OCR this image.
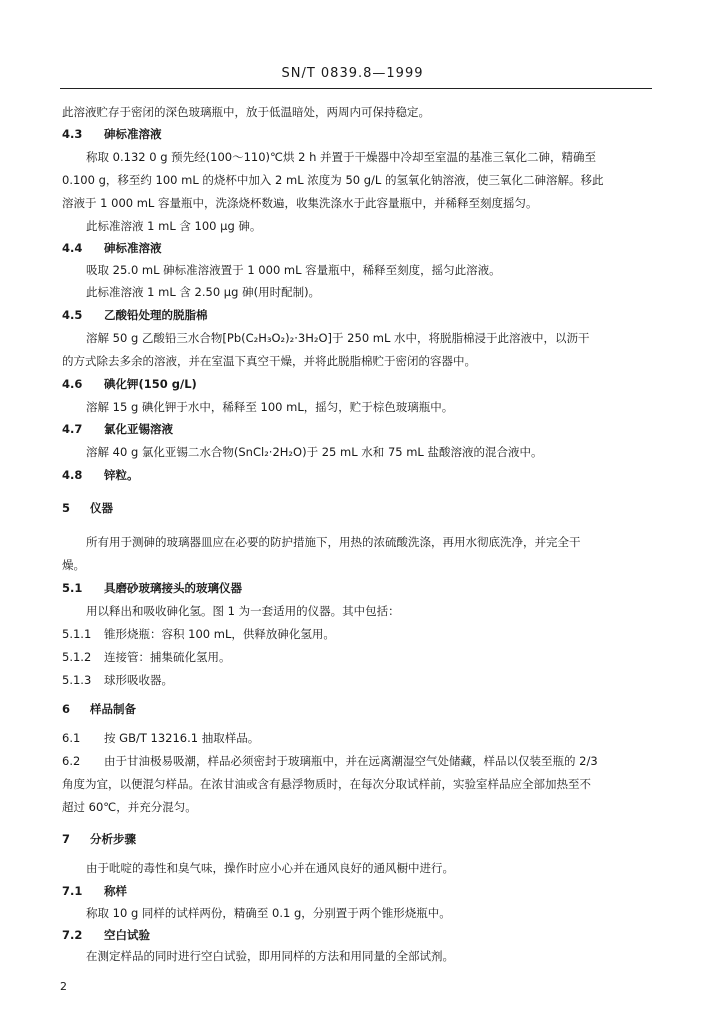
SN/T 0839.8—1999
此溶液贮存于密闭的深色玻璃瓶中，放于低温暗处，两周内可保持稳定。
4.3 砷标准溶液
称取 0.132 0 g 预先经(100～110)℃烘 2 h 并置于干燥器中冷却至室温的基准三氧化二砷，精确至
0.100 g，移至约 100 mL 的烧杯中加入 2 mL 浓度为 50 g/L 的氢氧化钠溶液，使三氧化二砷溶解。移此
溶液于 1 000 mL 容量瓶中，洗涤烧杯数遍，收集洗涤水于此容量瓶中，并稀释至刻度摇匀。
此标准溶液 1 mL 含 100 μg 砷。
4.4 砷标准溶液
吸取 25.0 mL 砷标准溶液置于 1 000 mL 容量瓶中，稀释至刻度，摇匀此溶液。
此标准溶液 1 mL 含 2.50 μg 砷(用时配制)。
4.5 乙酸铅处理的脱脂棉
溶解 50 g 乙酸铅三水合物[Pb(C₂H₃O₂)₂·3H₂O]于 250 mL 水中，将脱脂棉浸于此溶液中，以沥干
的方式除去多余的溶液，并在室温下真空干燥，并将此脱脂棉贮于密闭的容器中。
4.6 碘化钾(150 g/L)
溶解 15 g 碘化钾于水中，稀释至 100 mL，摇匀，贮于棕色玻璃瓶中。
4.7 氯化亚锡溶液
溶解 40 g 氯化亚锡二水合物(SnCl₂·2H₂O)于 25 mL 水和 75 mL 盐酸溶液的混合液中。
4.8 锌粒。
5 仪器
所有用于测砷的玻璃器皿应在必要的防护措施下，用热的浓硫酸洗涤，再用水彻底洗净，并完全干
燥。
5.1 具磨砂玻璃接头的玻璃仪器
用以释出和吸收砷化氢。图 1 为一套适用的仪器。其中包括：
5.1.1 锥形烧瓶：容积 100 mL，供释放砷化氢用。
5.1.2 连接管：捕集硫化氢用。
5.1.3 球形吸收器。
6 样品制备
6.1 按 GB/T 13216.1 抽取样品。
6.2 由于甘油极易吸潮，样品必须密封于玻璃瓶中，并在远离潮湿空气处储藏，样品以仅装至瓶的 2/3
角度为宜，以便混匀样品。在浓甘油或含有悬浮物质时，在每次分取试样前，实验室样品应全部加热至不
超过 60℃，并充分混匀。
7 分析步骤
由于吡啶的毒性和臭气味，操作时应小心并在通风良好的通风橱中进行。
7.1 称样
称取 10 g 同样的试样两份，精确至 0.1 g，分别置于两个锥形烧瓶中。
7.2 空白试验
在测定样品的同时进行空白试验，即用同样的方法和用同量的全部试剂。
2
